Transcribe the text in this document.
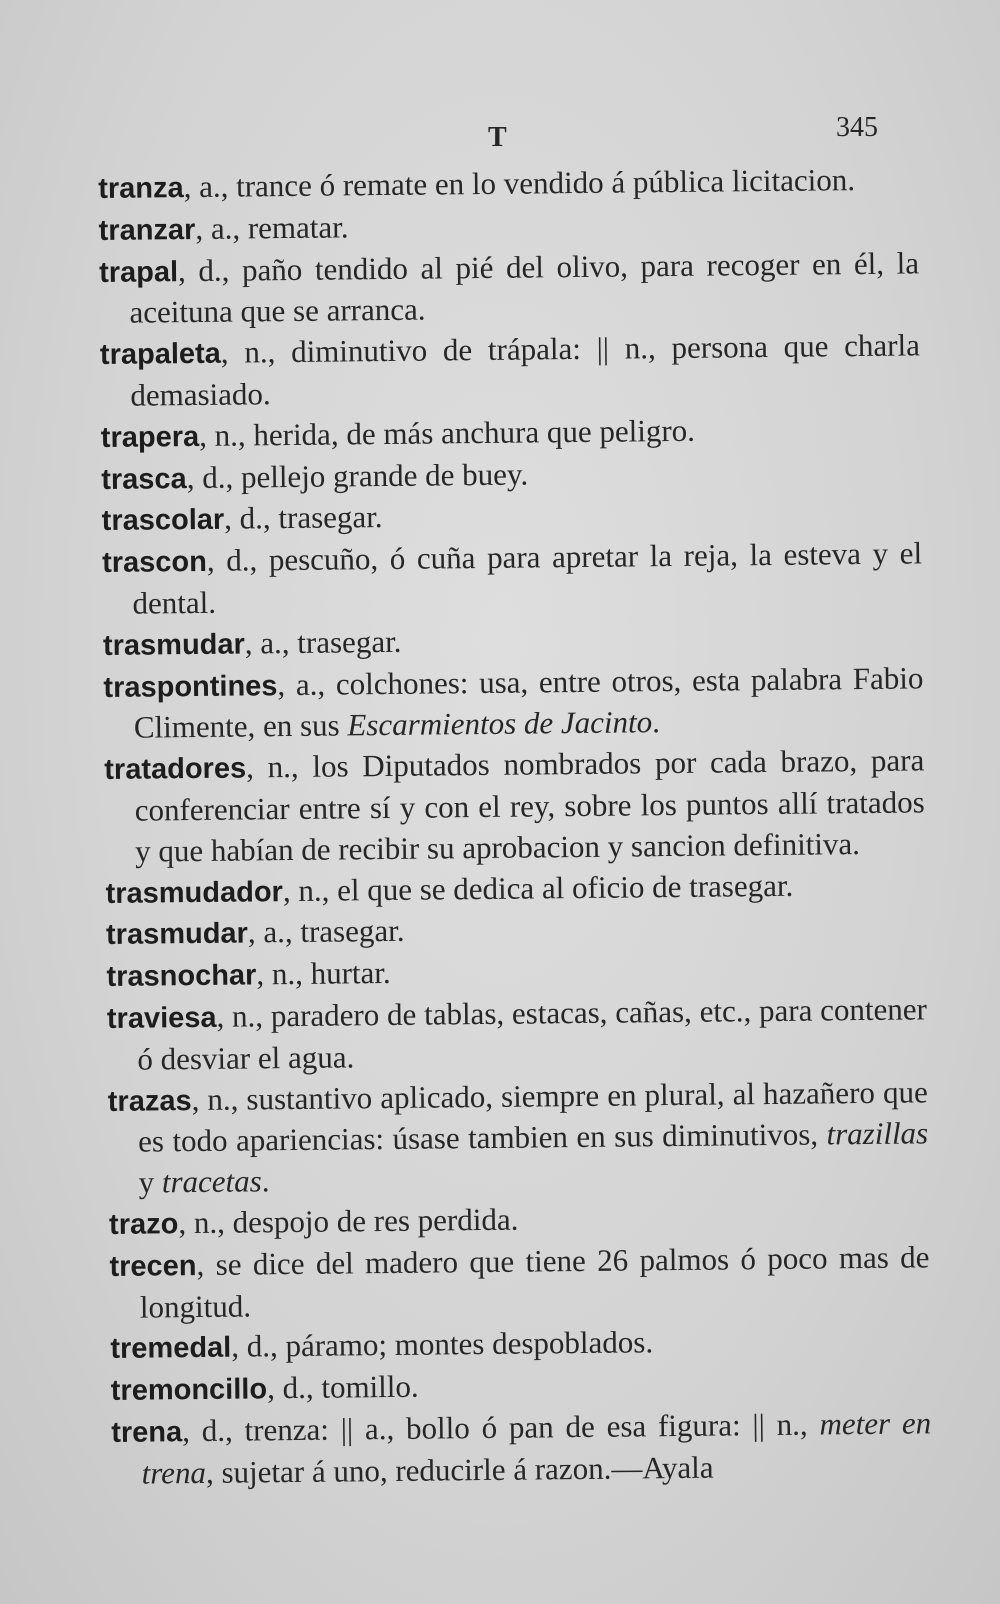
T	345

tranza, a., trance ó remate en lo vendido á pública licitacion.

tranzar, a., rematar.

trapal, d., paño tendido al pié del olivo, para recoger en él, la aceituna que se arranca.

trapaleta, n., diminutivo de trápala: || n., persona que charla demasiado.

trapera, n., herida, de más anchura que peligro.

trasca, d., pellejo grande de buey.

trascolar, d., trasegar.

trascon, d., pescuño, ó cuña para apretar la reja, la esteva y el dental.

trasmudar, a., trasegar.

traspontines, a., colchones: usa, entre otros, esta palabra Fabio Climente, en sus Escarmientos de Jacinto.

tratadores, n., los Diputados nombrados por cada brazo, para conferenciar entre sí y con el rey, sobre los puntos allí tratados y que habían de recibir su aprobacion y sancion definitiva.

trasmudador, n., el que se dedica al oficio de trasegar.

trasmudar, a., trasegar.

trasnochar, n., hurtar.

traviesa, n., paradero de tablas, estacas, cañas, etc., para contener ó desviar el agua.

trazas, n., sustantivo aplicado, siempre en plural, al hazañero que es todo apariencias: úsase tambien en sus diminutivos, trazillas y tracetas.

trazo, n., despojo de res perdida.

trecen, se dice del madero que tiene 26 palmos ó poco mas de longitud.

tremedal, d., páramo; montes despoblados.

tremoncillo, d., tomillo.

trena, d., trenza: || a., bollo ó pan de esa figura: || n., meter en trena, sujetar á uno, reducirle á razon.—Ayala
